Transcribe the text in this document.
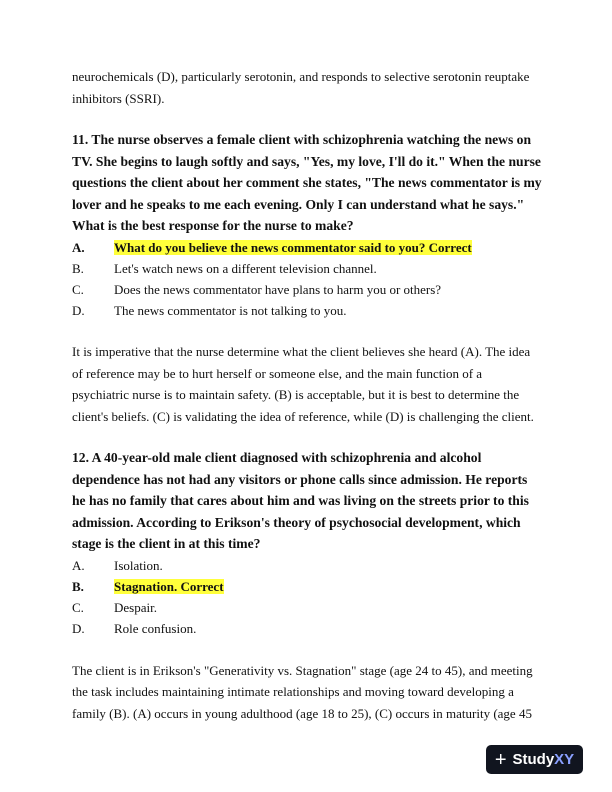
neurochemicals (D), particularly serotonin, and responds to selective serotonin reuptake inhibitors (SSRI).

11. The nurse observes a female client with schizophrenia watching the news on TV. She begins to laugh softly and says, "Yes, my love, I'll do it." When the nurse questions the client about her comment she states, "The news commentator is my lover and he speaks to me each evening. Only I can understand what he says." What is the best response for the nurse to make?

A.	What do you believe the news commentator said to you? Correct
B.	Let's watch news on a different television channel.
C.	Does the news commentator have plans to harm you or others?
D.	The news commentator is not talking to you.

It is imperative that the nurse determine what the client believes she heard (A). The idea of reference may be to hurt herself or someone else, and the main function of a psychiatric nurse is to maintain safety. (B) is acceptable, but it is best to determine the client's beliefs. (C) is validating the idea of reference, while (D) is challenging the client.

12. A 40-year-old male client diagnosed with schizophrenia and alcohol dependence has not had any visitors or phone calls since admission. He reports he has no family that cares about him and was living on the streets prior to this admission. According to Erikson's theory of psychosocial development, which stage is the client in at this time?

A.	Isolation.
B.	Stagnation. Correct
C.	Despair.
D.	Role confusion.

The client is in Erikson's "Generativity vs. Stagnation" stage (age 24 to 45), and meeting the task includes maintaining intimate relationships and moving toward developing a family (B). (A) occurs in young adulthood (age 18 to 25), (C) occurs in maturity (age 45

+ Study XY
